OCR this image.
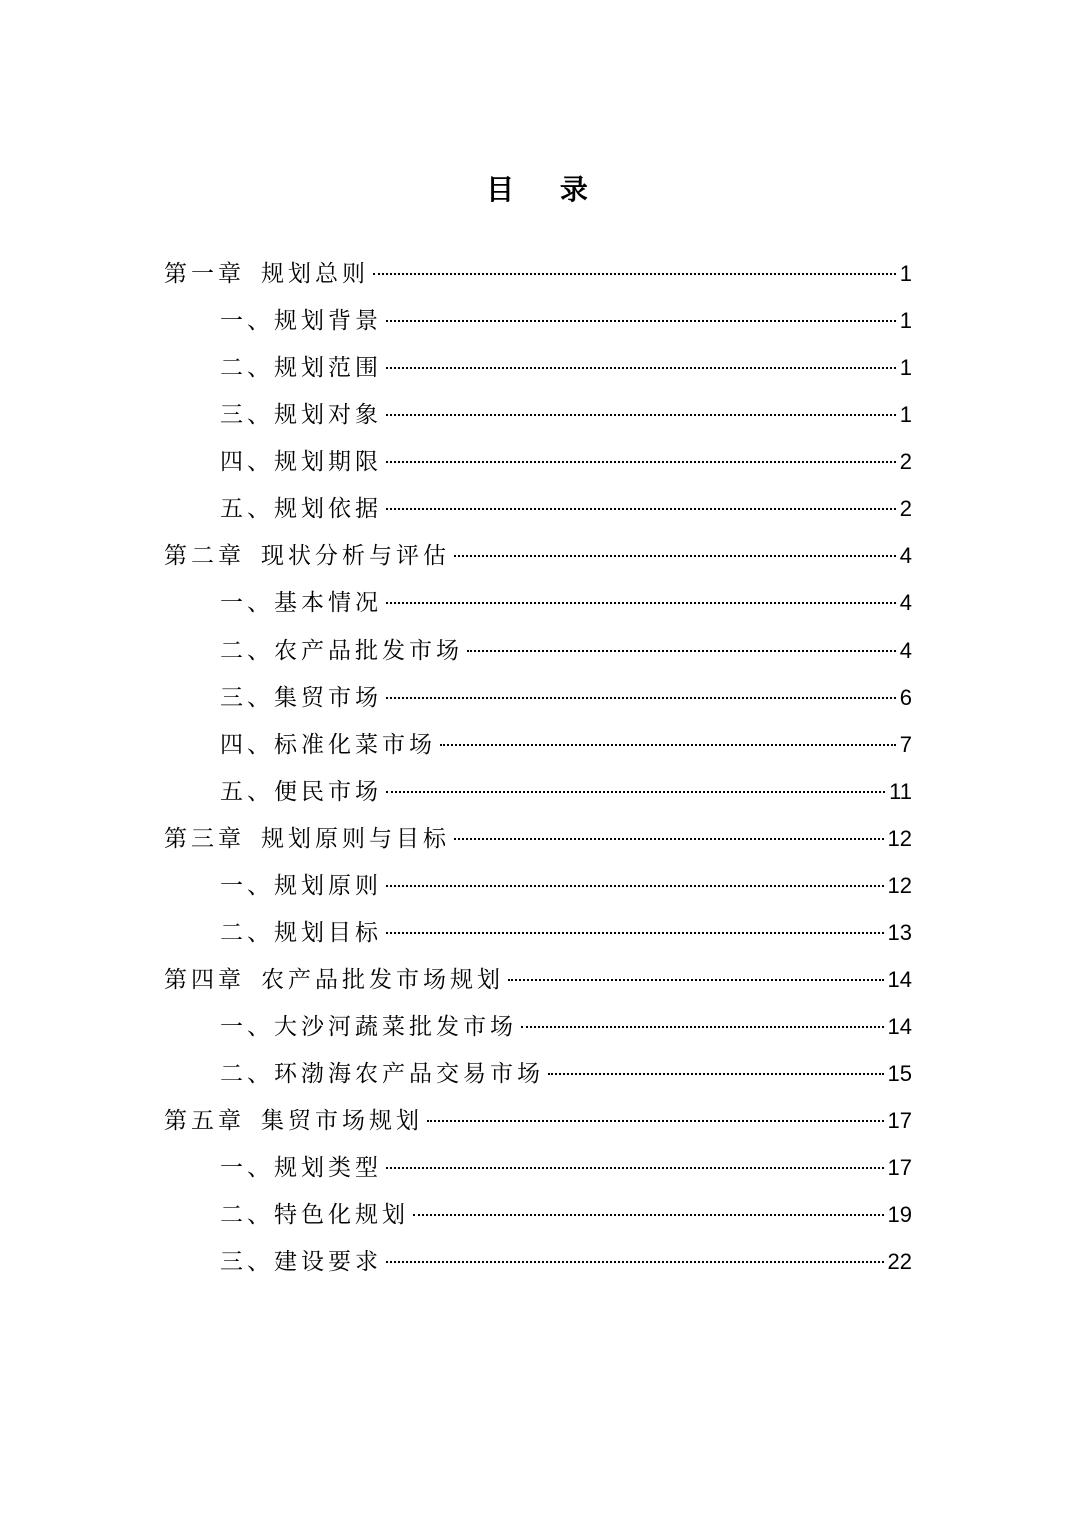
目 录
第一章 规划总则	1
一、规划背景	1
二、规划范围	1
三、规划对象	1
四、规划期限	2
五、规划依据	2
第二章 现状分析与评估	4
一、基本情况	4
二、农产品批发市场	4
三、集贸市场	6
四、标准化菜市场	7
五、便民市场	11
第三章 规划原则与目标	12
一、规划原则	12
二、规划目标	13
第四章 农产品批发市场规划	14
一、大沙河蔬菜批发市场	14
二、环渤海农产品交易市场	15
第五章 集贸市场规划	17
一、规划类型	17
二、特色化规划	19
三、建设要求	22
